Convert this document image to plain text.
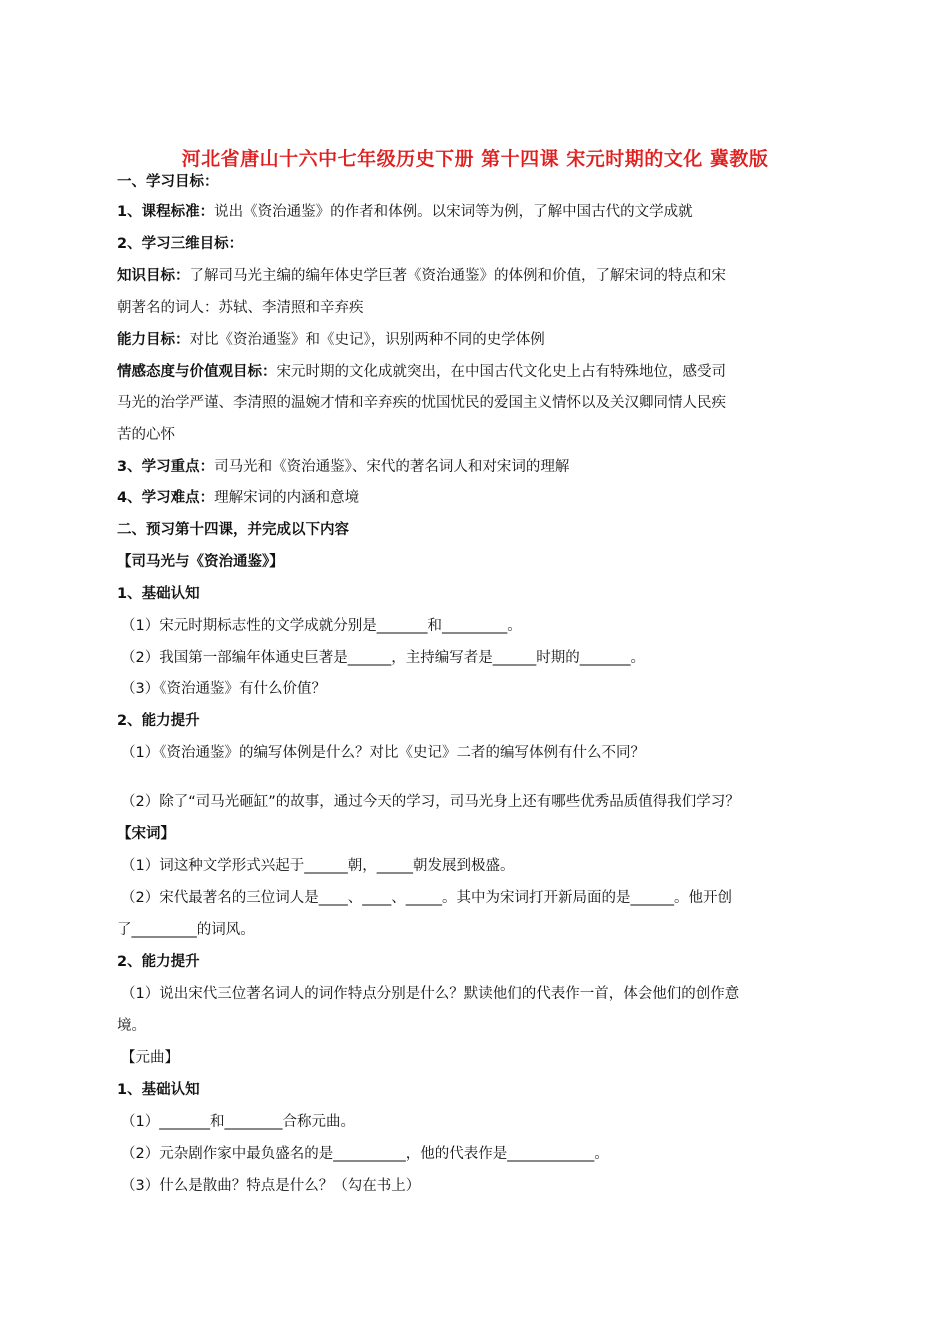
河北省唐山十六中七年级历史下册 第十四课 宋元时期的文化 冀教版
一、学习目标：
1、课程标准：说出《资治通鉴》的作者和体例。以宋词等为例，了解中国古代的文学成就
2、学习三维目标：
知识目标：了解司马光主编的编年体史学巨著《资治通鉴》的体例和价值，了解宋词的特点和宋
朝著名的词人：苏轼、李清照和辛弃疾
能力目标：对比《资治通鉴》和《史记》，识别两种不同的史学体例
情感态度与价值观目标：宋元时期的文化成就突出，在中国古代文化史上占有特殊地位，感受司
马光的治学严谨、李清照的温婉才情和辛弃疾的忧国忧民的爱国主义情怀以及关汉卿同情人民疾
苦的心怀
3、学习重点：司马光和《资治通鉴》、宋代的著名词人和对宋词的理解
4、学习难点：理解宋词的内涵和意境
二、预习第十四课，并完成以下内容
【司马光与《资治通鉴》】
1、基础认知
（1）宋元时期标志性的文学成就分别是_______和_________。
（2）我国第一部编年体通史巨著是______，主持编写者是______时期的_______。
（3）《资治通鉴》有什么价值？
2、能力提升
（1）《资治通鉴》的编写体例是什么？对比《史记》二者的编写体例有什么不同？
（2）除了“司马光砸缸”的故事，通过今天的学习，司马光身上还有哪些优秀品质值得我们学习？
【宋词】
（1）词这种文学形式兴起于______朝，_____朝发展到极盛。
（2）宋代最著名的三位词人是____、____、_____。其中为宋词打开新局面的是______。他开创
了_________的词风。
2、能力提升
（1）说出宋代三位著名词人的词作特点分别是什么？默读他们的代表作一首，体会他们的创作意
境。
【元曲】
1、基础认知
（1）_______和________合称元曲。
（2）元杂剧作家中最负盛名的是__________，他的代表作是____________。
（3）什么是散曲？特点是什么？（勾在书上）
